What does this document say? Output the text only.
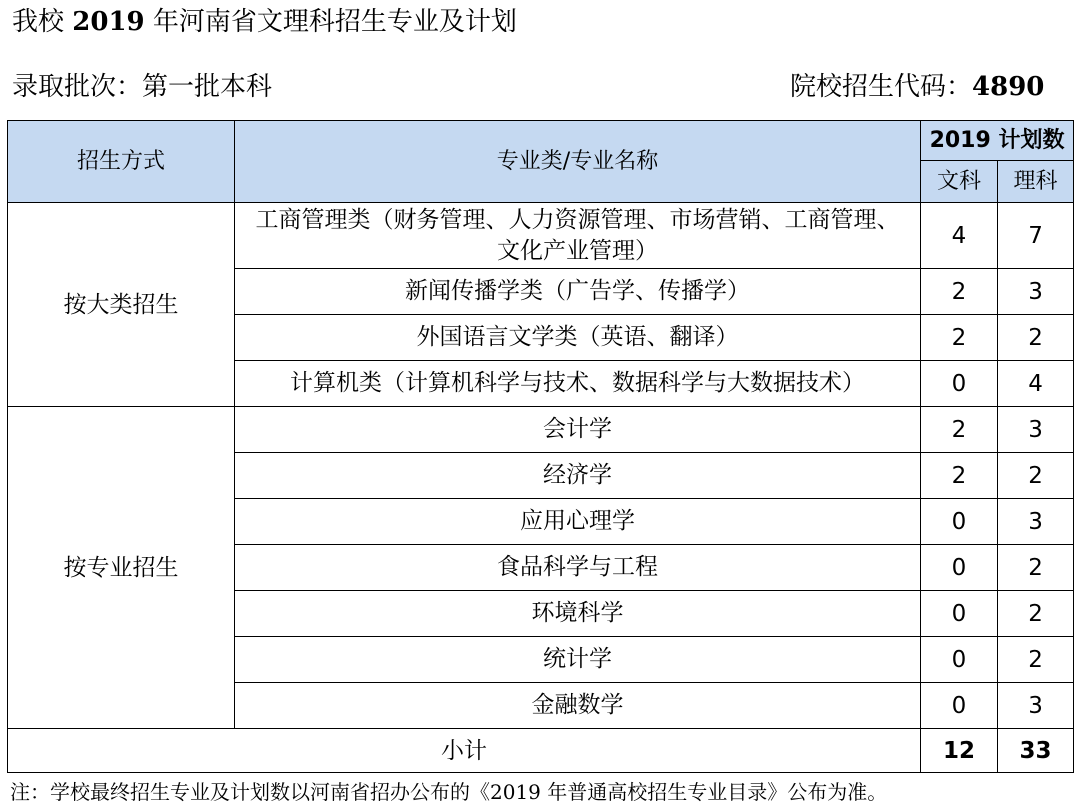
我校 2019 年河南省文理科招生专业及计划
录取批次：第一批本科	院校招生代码：4890
招生方式	专业类/专业名称	2019 计划数	
		文科	理科
按大类招生	工商管理类（财务管理、人力资源管理、市场营销、工商管理、文化产业管理）	4	7
	新闻传播学类（广告学、传播学）	2	3
	外国语言文学类（英语、翻译）	2	2
	计算机类（计算机科学与技术、数据科学与大数据技术）	0	4
按专业招生	会计学	2	3
	经济学	2	2
	应用心理学	0	3
	食品科学与工程	0	2
	环境科学	0	2
	统计学	0	2
	金融数学	0	3
小计		12	33
注：学校最终招生专业及计划数以河南省招办公布的《2019 年普通高校招生专业目录》公布为准。
